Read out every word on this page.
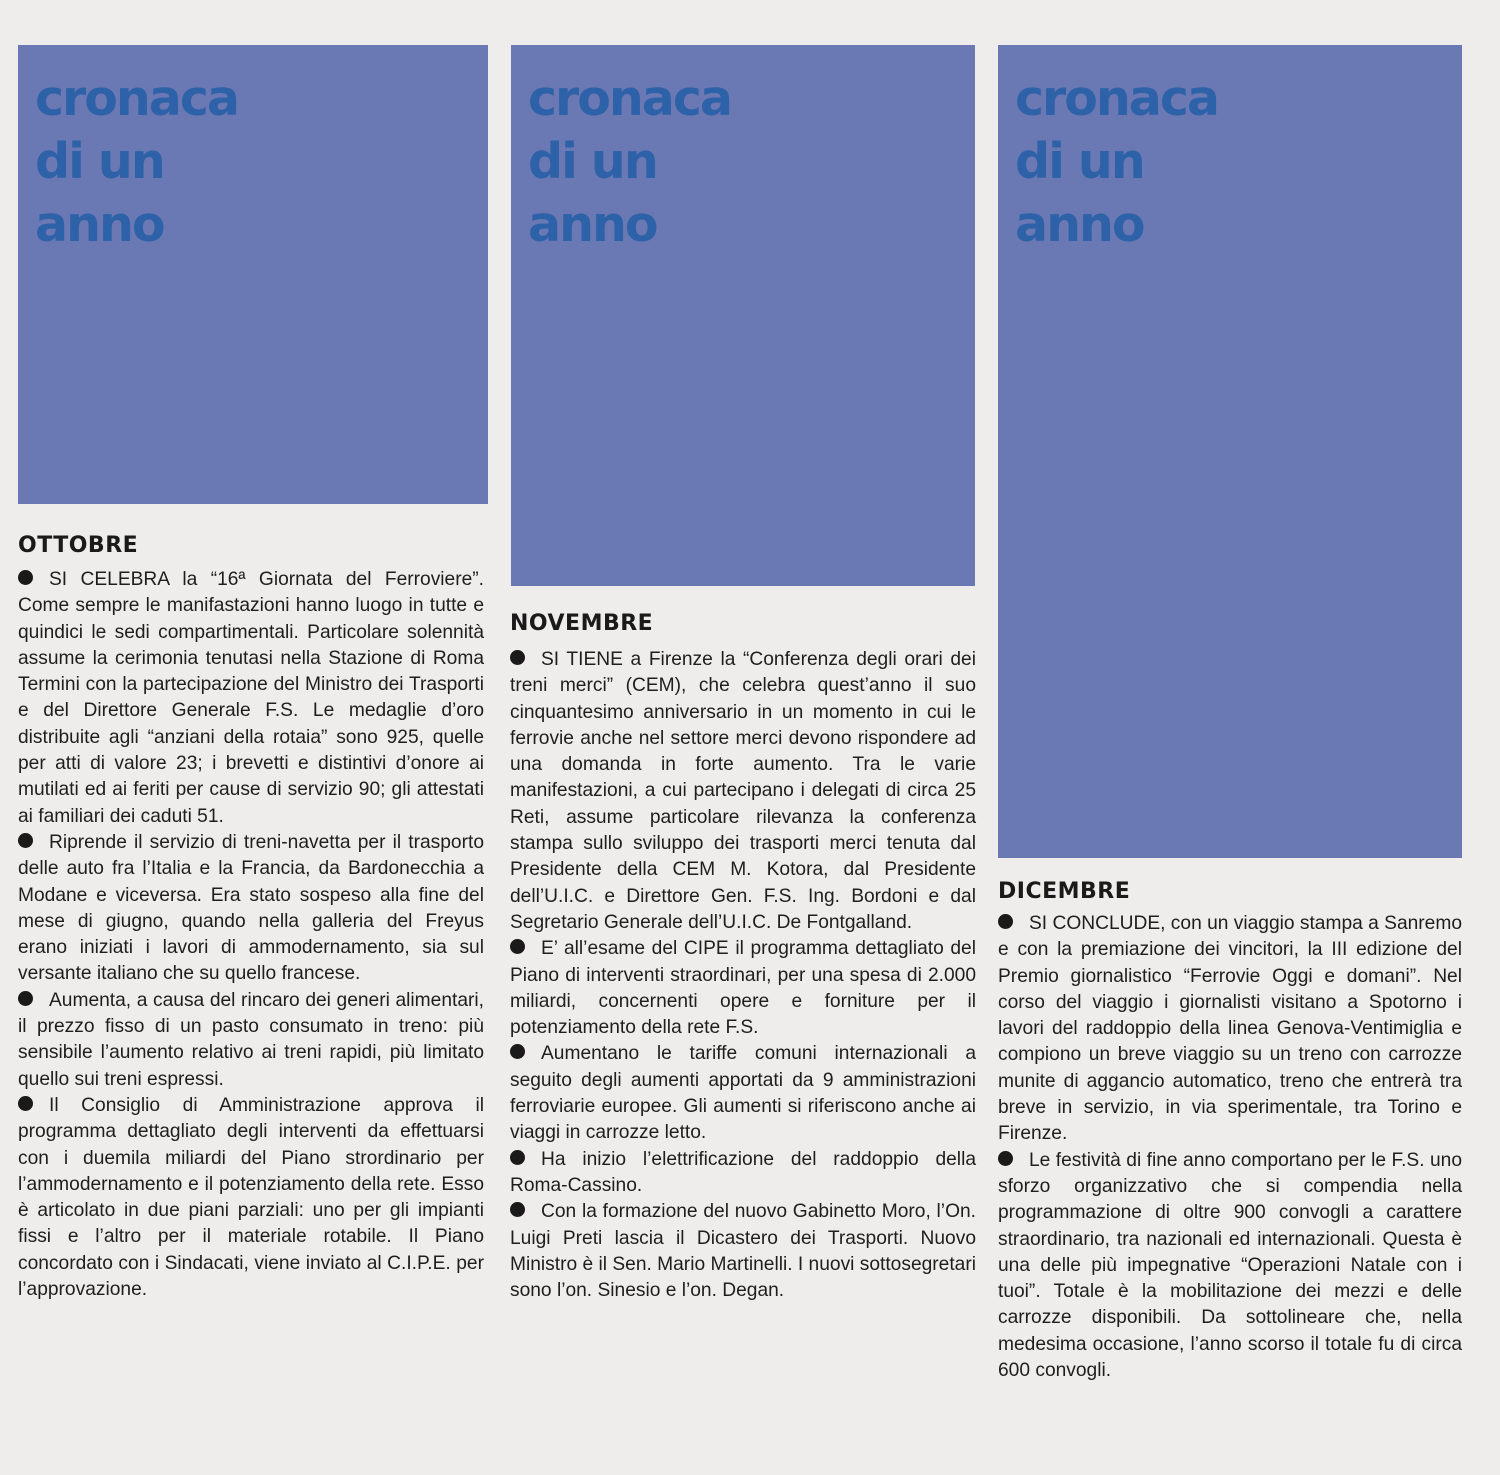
cronaca
di un
anno
OTTOBRE

SI CELEBRA la “16ª Giornata del Ferroviere”. Come sempre le manifastazioni hanno luogo in tutte e quindici le sedi compartimentali. Particolare solennità assume la cerimonia tenutasi nella Stazione di Roma Termini con la partecipazione del Ministro dei Trasporti e del Direttore Generale F.S. Le medaglie d’oro distribuite agli “anziani della rotaia” sono 925, quelle per atti di valore 23; i brevetti e distintivi d’onore ai mutilati ed ai feriti per cause di servizio 90; gli attestati ai familiari dei caduti 51.

Riprende il servizio di treni-navetta per il trasporto delle auto fra l’Italia e la Francia, da Bardonecchia a Modane e viceversa. Era stato sospeso alla fine del mese di giugno, quando nella galleria del Freyus erano iniziati i lavori di ammodernamento, sia sul versante italiano che su quello francese.

Aumenta, a causa del rincaro dei generi alimentari, il prezzo fisso di un pasto consumato in treno: più sensibile l’aumento relativo ai treni rapidi, più limitato quello sui treni espressi.

Il Consiglio di Amministrazione approva il programma dettagliato degli interventi da effettuarsi con i duemila miliardi del Piano strordinario per l’ammodernamento e il potenziamento della rete. Esso è articolato in due piani parziali: uno per gli impianti fissi e l’altro per il materiale rotabile. Il Piano concordato con i Sindacati, viene inviato al C.I.P.E. per l’approvazione.

cronaca
di un
anno
NOVEMBRE

SI TIENE a Firenze la “Conferenza degli orari dei treni merci” (CEM), che celebra quest’anno il suo cinquantesimo anniversario in un momento in cui le ferrovie anche nel settore merci devono rispondere ad una domanda in forte aumento. Tra le varie manifestazioni, a cui partecipano i delegati di circa 25 Reti, assume particolare rilevanza la conferenza stampa sullo sviluppo dei trasporti merci tenuta dal Presidente della CEM M. Kotora, dal Presidente dell’U.I.C. e Direttore Gen. F.S. Ing. Bordoni e dal Segretario Generale dell’U.I.C. De Fontgalland.

E’ all’esame del CIPE il programma dettagliato del Piano di interventi straordinari, per una spesa di 2.000 miliardi, concernenti opere e forniture per il potenziamento della rete F.S.

Aumentano le tariffe comuni internazionali a seguito degli aumenti apportati da 9 amministrazioni ferroviarie europee. Gli aumenti si riferiscono anche ai viaggi in carrozze letto.

Ha inizio l’elettrificazione del raddoppio della Roma-Cassino.

Con la formazione del nuovo Gabinetto Moro, l’On. Luigi Preti lascia il Dicastero dei Trasporti. Nuovo Ministro è il Sen. Mario Martinelli. I nuovi sottosegretari sono l’on. Sinesio e l’on. Degan.

cronaca
di un
anno
DICEMBRE

SI CONCLUDE, con un viaggio stampa a Sanremo e con la premiazione dei vincitori, la III edizione del Premio giornalistico “Ferrovie Oggi e domani”. Nel corso del viaggio i giornalisti visitano a Spotorno i lavori del raddoppio della linea Genova-Ventimiglia e compiono un breve viaggio su un treno con carrozze munite di aggancio automatico, treno che entrerà tra breve in servizio, in via sperimentale, tra Torino e Firenze.

Le festività di fine anno comportano per le F.S. uno sforzo organizzativo che si compendia nella programmazione di oltre 900 convogli a carattere straordinario, tra nazionali ed internazionali. Questa è una delle più impegnative “Operazioni Natale con i tuoi”. Totale è la mobilitazione dei mezzi e delle carrozze disponibili. Da sottolineare che, nella medesima occasione, l’anno scorso il totale fu di circa 600 convogli.
